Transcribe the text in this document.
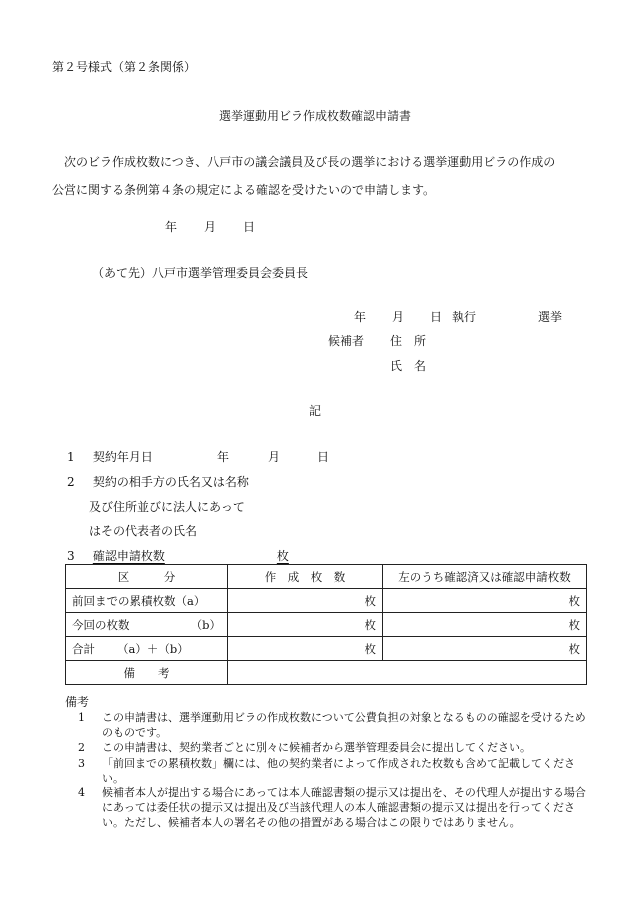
第２号様式（第２条関係）
選挙運動用ビラ作成枚数確認申請書
次のビラ作成枚数につき、八戸市の議会議員及び長の選挙における選挙運動用ビラの作成の
公営に関する条例第４条の規定による確認を受けたいので申請します。
年 月 日
（あて先）八戸市選挙管理委員会委員長
年 月 日 執行	選挙
候補者 住　所
氏　名
記
1 契約年月日	年	月	日
2 契約の相手方の氏名又は名称
及び住所並びに法人にあって
はその代表者の氏名
3 確認申請枚数	枚
区　　　分	作　成　枚　数	左のうち確認済又は確認申請枚数
前回までの累積枚数（a）	枚	枚

今回の枚数 （b）	枚	枚
合計 （a）＋（b）	枚	枚
備　　考		
備考
1 この申請書は、選挙運動用ビラの作成枚数について公費負担の対象となるものの確認を受けるためのものです。
2 この申請書は、契約業者ごとに別々に候補者から選挙管理委員会に提出してください。
3 「前回までの累積枚数」欄には、他の契約業者によって作成された枚数も含めて記載してください。
4 候補者本人が提出する場合にあっては本人確認書類の提示又は提出を、その代理人が提出する場合にあっては委任状の提示又は提出及び当該代理人の本人確認書類の提示又は提出を行ってください。ただし、候補者本人の署名その他の措置がある場合はこの限りではありません。
